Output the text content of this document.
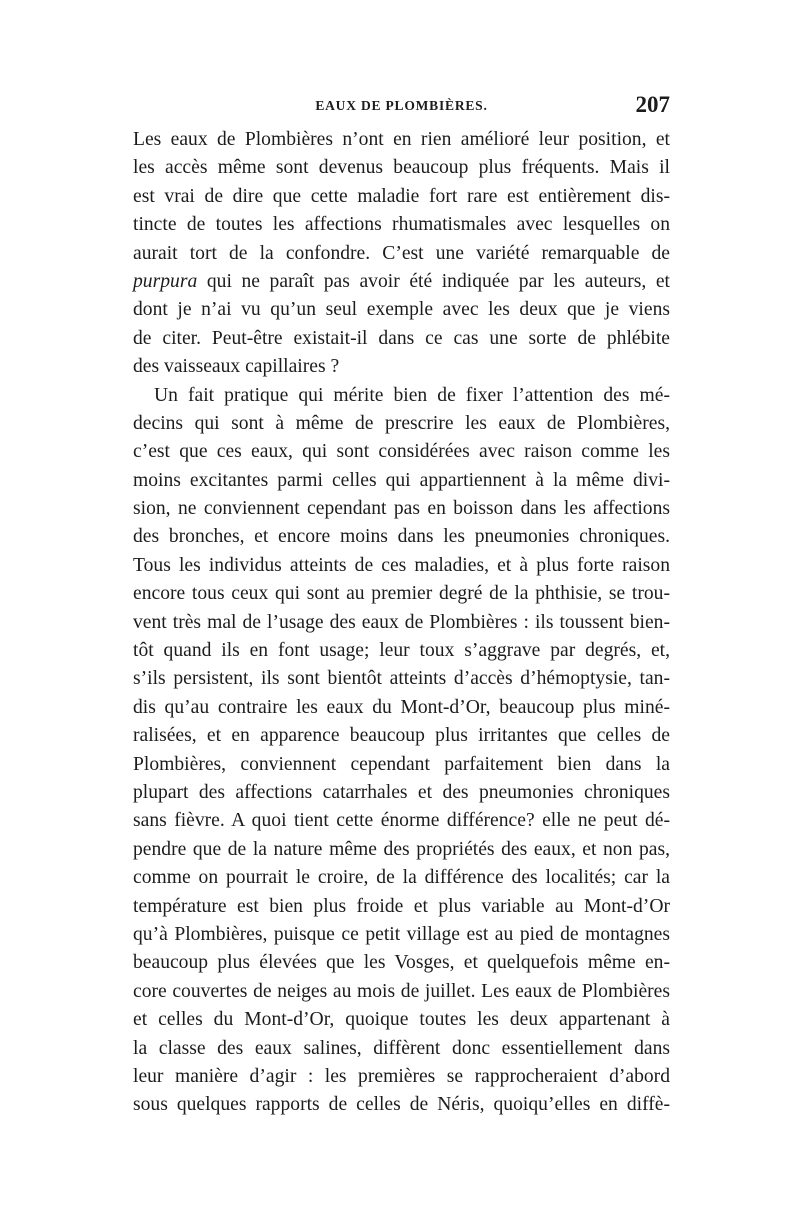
EAUX DE PLOMBIÈRES.	207
Les eaux de Plombières n’ont en rien amélioré leur position, et
les accès même sont devenus beaucoup plus fréquents. Mais il
est vrai de dire que cette maladie fort rare est entièrement dis-
tincte de toutes les affections rhumatismales avec lesquelles on
aurait tort de la confondre. C’est une variété remarquable de
purpura qui ne paraît pas avoir été indiquée par les auteurs, et
dont je n’ai vu qu’un seul exemple avec les deux que je viens
de citer. Peut-être existait-il dans ce cas une sorte de phlébite
des vaisseaux capillaires ?
Un fait pratique qui mérite bien de fixer l’attention des mé-
decins qui sont à même de prescrire les eaux de Plombières,
c’est que ces eaux, qui sont considérées avec raison comme les
moins excitantes parmi celles qui appartiennent à la même divi-
sion, ne conviennent cependant pas en boisson dans les affections
des bronches, et encore moins dans les pneumonies chroniques.
Tous les individus atteints de ces maladies, et à plus forte raison
encore tous ceux qui sont au premier degré de la phthisie, se trou-
vent très mal de l’usage des eaux de Plombières : ils toussent bien-
tôt quand ils en font usage; leur toux s’aggrave par degrés, et,
s’ils persistent, ils sont bientôt atteints d’accès d’hémoptysie, tan-
dis qu’au contraire les eaux du Mont-d’Or, beaucoup plus miné-
ralisées, et en apparence beaucoup plus irritantes que celles de
Plombières, conviennent cependant parfaitement bien dans la
plupart des affections catarrhales et des pneumonies chroniques
sans fièvre. A quoi tient cette énorme différence? elle ne peut dé-
pendre que de la nature même des propriétés des eaux, et non pas,
comme on pourrait le croire, de la différence des localités; car la
température est bien plus froide et plus variable au Mont-d’Or
qu’à Plombières, puisque ce petit village est au pied de montagnes
beaucoup plus élevées que les Vosges, et quelquefois même en-
core couvertes de neiges au mois de juillet. Les eaux de Plombières
et celles du Mont-d’Or, quoique toutes les deux appartenant à
la classe des eaux salines, diffèrent donc essentiellement dans
leur manière d’agir : les premières se rapprocheraient d’abord
sous quelques rapports de celles de Néris, quoiqu’elles en diffè-
